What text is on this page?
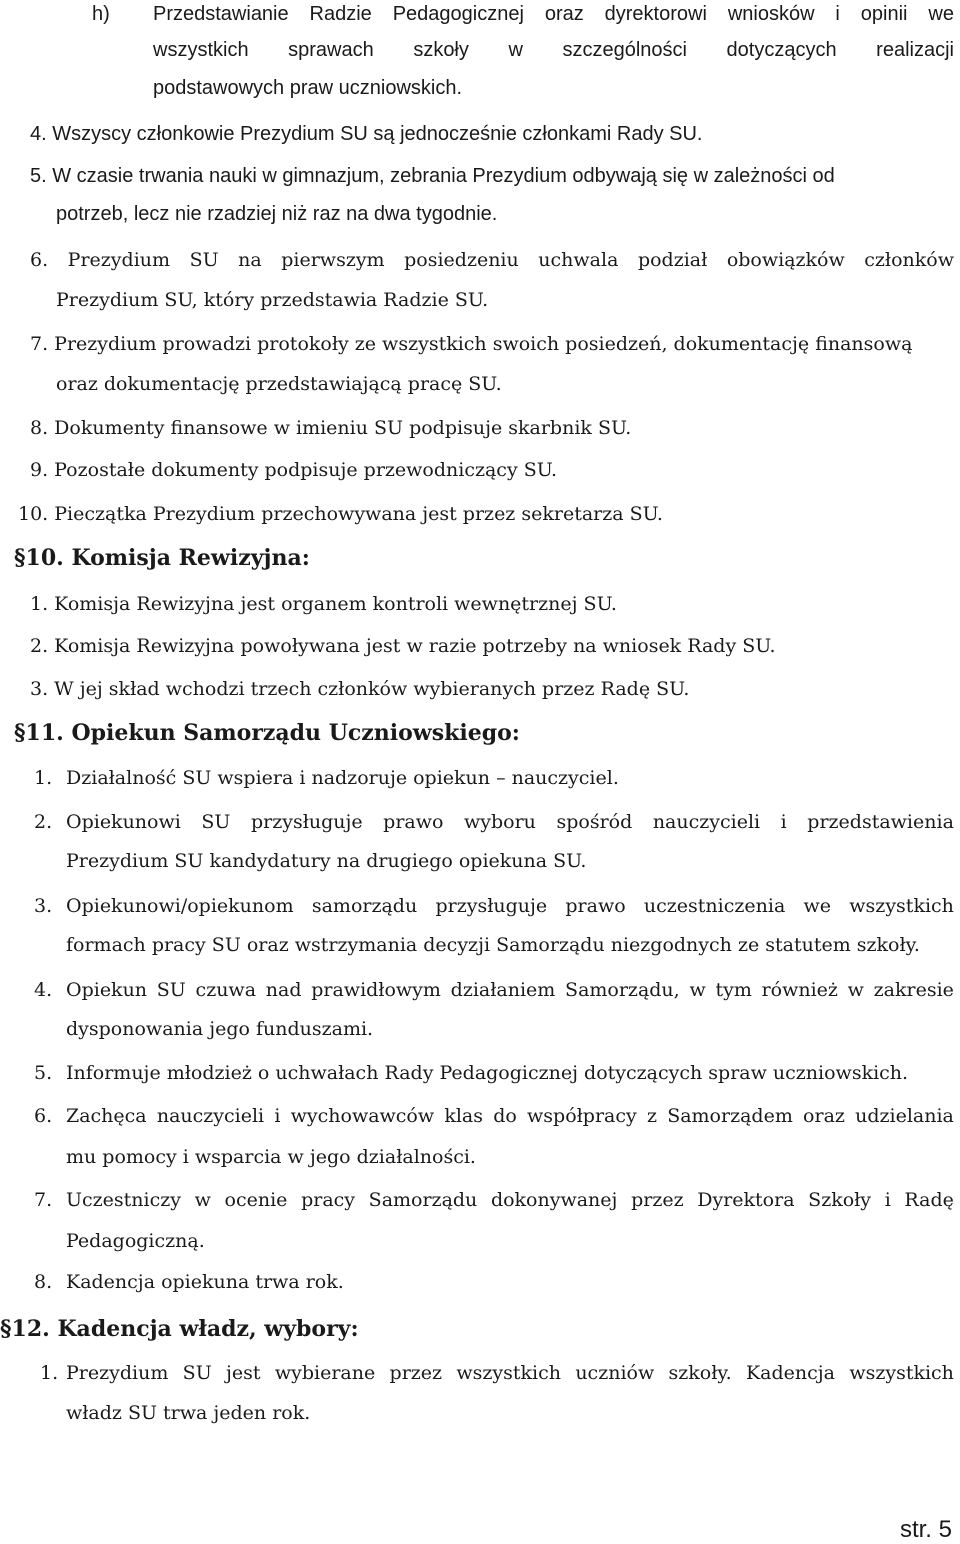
h) Przedstawianie Radzie Pedagogicznej oraz dyrektorowi wniosków i opinii we
wszystkich sprawach szkoły w szczególności dotyczących realizacji
podstawowych praw uczniowskich.
4. Wszyscy członkowie Prezydium SU są jednocześnie członkami Rady SU.
5. W czasie trwania nauki w gimnazjum, zebrania Prezydium odbywają się w zależności od
potrzeb, lecz nie rzadziej niż raz na dwa tygodnie.
6. Prezydium SU na pierwszym posiedzeniu uchwala podział obowiązków członków
Prezydium SU, który przedstawia Radzie SU.
7. Prezydium prowadzi protokoły ze wszystkich swoich posiedzeń, dokumentację finansową
oraz dokumentację przedstawiającą pracę SU.
8. Dokumenty finansowe w imieniu SU podpisuje skarbnik SU.
9. Pozostałe dokumenty podpisuje przewodniczący SU.
10. Pieczątka Prezydium przechowywana jest przez sekretarza SU.
§10. Komisja Rewizyjna:
1. Komisja Rewizyjna jest organem kontroli wewnętrznej SU.
2. Komisja Rewizyjna powoływana jest w razie potrzeby na wniosek Rady SU.
3. W jej skład wchodzi trzech członków wybieranych przez Radę SU.
§11. Opiekun Samorządu Uczniowskiego:
1. Działalność SU wspiera i nadzoruje opiekun – nauczyciel.
2. Opiekunowi SU przysługuje prawo wyboru spośród nauczycieli i przedstawienia
Prezydium SU kandydatury na drugiego opiekuna SU.
3. Opiekunowi/opiekunom samorządu przysługuje prawo uczestniczenia we wszystkich
formach pracy SU oraz wstrzymania decyzji Samorządu niezgodnych ze statutem szkoły.
4. Opiekun SU czuwa nad prawidłowym działaniem Samorządu, w tym również w zakresie
dysponowania jego funduszami.
5. Informuje młodzież o uchwałach Rady Pedagogicznej dotyczących spraw uczniowskich.
6. Zachęca nauczycieli i wychowawców klas do współpracy z Samorządem oraz udzielania
mu pomocy i wsparcia w jego działalności.
7. Uczestniczy w ocenie pracy Samorządu dokonywanej przez Dyrektora Szkoły i Radę
Pedagogiczną.
8. Kadencja opiekuna trwa rok.
§12. Kadencja władz, wybory:
1. Prezydium SU jest wybierane przez wszystkich uczniów szkoły. Kadencja wszystkich
władz SU trwa jeden rok.
str. 5
